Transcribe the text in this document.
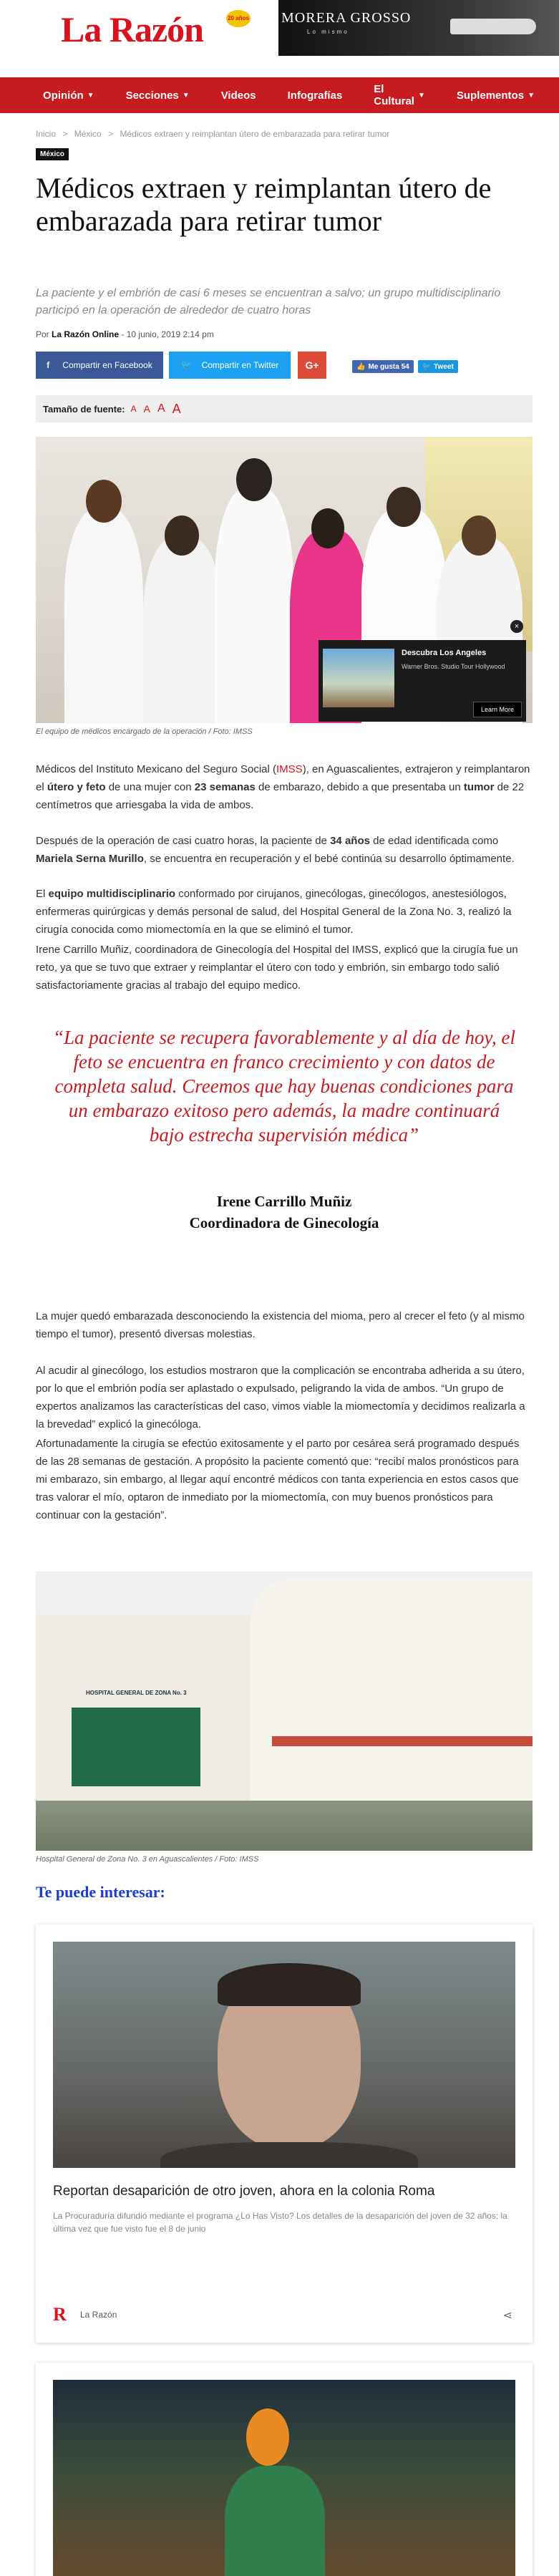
La Razón	20 años MORERA GROSSO
Lo mismo
Opinión ▼	Secciones ▼	Videos	Infografías	El Cultural ▼	Suplementos ▼
Inicio > México > Médicos extraen y reimplantan útero de embarazada para retirar tumor
México
Médicos extraen y reimplantan útero de embarazada para retirar tumor
La paciente y el embrión de casi 6 meses se encuentran a salvo; un grupo multidisciplinario participó en la operación de alrededor de cuatro horas
Por La Razón Online - 10 junio, 2019 2:14 pm
f Compartir en Facebook	🐦 Compartir en Twitter	G+	👍 Me gusta 54 🐦 Tweet
Tamaño de fuente: A A A A
×
Descubra Los Angeles
Warner Bros. Studio Tour Hollywood
Learn More
El equipo de médicos encargado de la operación / Foto: IMSS
Médicos del Instituto Mexicano del Seguro Social (IMSS), en Aguascalientes, extrajeron y reimplantaron el útero y feto de una mujer con 23 semanas de embarazo, debido a que presentaba un tumor de 22 centímetros que arriesgaba la vida de ambos.
Después de la operación de casi cuatro horas, la paciente de 34 años de edad identificada como Mariela Serna Murillo, se encuentra en recuperación y el bebé continúa su desarrollo óptimamente.
El equipo multidisciplinario conformado por cirujanos, ginecólogas, ginecólogos, anestesiólogos, enfermeras quirúrgicas y demás personal de salud, del Hospital General de la Zona No. 3, realizó la cirugía conocida como miomectomía en la que se eliminó el tumor.
Irene Carrillo Muñiz, coordinadora de Ginecología del Hospital del IMSS, explicó que la cirugía fue un reto, ya que se tuvo que extraer y reimplantar el útero con todo y embrión, sin embargo todo salió satisfactoriamente gracias al trabajo del equipo medico.
“La paciente se recupera favorablemente y al día de hoy, el feto se encuentra en franco crecimiento y con datos de completa salud. Creemos que hay buenas condiciones para un embarazo exitoso pero además, la madre continuará bajo estrecha supervisión médica”
Irene Carrillo Muñiz
Coordinadora de Ginecología
La mujer quedó embarazada desconociendo la existencia del mioma, pero al crecer el feto (y al mismo tiempo el tumor), presentó diversas molestias.
Al acudir al ginecólogo, los estudios mostraron que la complicación se encontraba adherida a su útero, por lo que el embrión podía ser aplastado o expulsado, peligrando la vida de ambos. “Un grupo de expertos analizamos las características del caso, vimos viable la miomectomía y decidimos realizarla a la brevedad” explicó la ginecóloga.
Afortunadamente la cirugía se efectúo exitosamente y el parto por cesárea será programado después de las 28 semanas de gestación. A propósito la paciente comentó que: “recibí malos pronósticos para mi embarazo, sin embargo, al llegar aquí encontré médicos con tanta experiencia en estos casos que tras valorar el mío, optaron de inmediato por la miomectomía, con muy buenos pronósticos para continuar con la gestación”.
HOSPITAL GENERAL DE ZONA No. 3
Hospital General de Zona No. 3 en Aguascalientes / Foto: IMSS
Te puede interesar:
Reportan desaparición de otro joven, ahora en la colonia Roma
La Procuraduría difundió mediante el programa ¿Lo Has Visto? Los detalles de la desaparición del joven de 32 años: la última vez que fue visto fue el 8 de junio
R	La Razón	⋖
